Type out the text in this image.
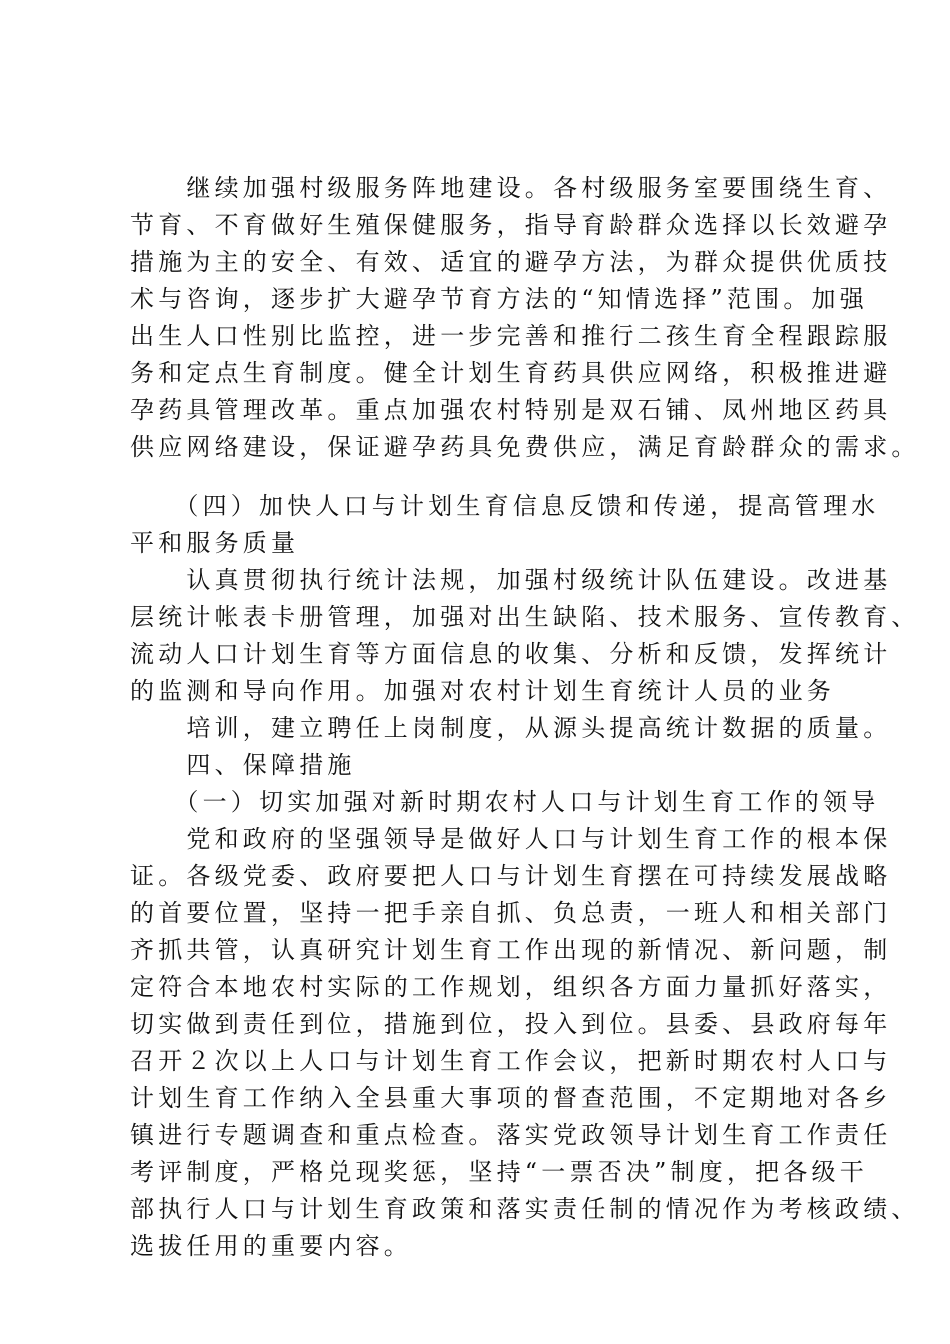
　　继续加强村级服务阵地建设。各村级服务室要围绕生育、
节育、不育做好生殖保健服务，指导育龄群众选择以长效避孕
措施为主的安全、有效、适宜的避孕方法，为群众提供优质技
术与咨询，逐步扩大避孕节育方法的“知情选择”范围。加强
出生人口性别比监控，进一步完善和推行二孩生育全程跟踪服
务和定点生育制度。健全计划生育药具供应网络，积极推进避
孕药具管理改革。重点加强农村特别是双石铺、凤州地区药具
供应网络建设，保证避孕药具免费供应，满足育龄群众的需求。
　　（四）加快人口与计划生育信息反馈和传递，提高管理水
平和服务质量
　　认真贯彻执行统计法规，加强村级统计队伍建设。改进基
层统计帐表卡册管理，加强对出生缺陷、技术服务、宣传教育、
流动人口计划生育等方面信息的收集、分析和反馈，发挥统计
的监测和导向作用。加强对农村计划生育统计人员的业务
　　培训，建立聘任上岗制度，从源头提高统计数据的质量。
　　四、保障措施
　　（一）切实加强对新时期农村人口与计划生育工作的领导
　　党和政府的坚强领导是做好人口与计划生育工作的根本保
证。各级党委、政府要把人口与计划生育摆在可持续发展战略
的首要位置，坚持一把手亲自抓、负总责，一班人和相关部门
齐抓共管，认真研究计划生育工作出现的新情况、新问题，制
定符合本地农村实际的工作规划，组织各方面力量抓好落实，
切实做到责任到位，措施到位，投入到位。县委、县政府每年
召开２次以上人口与计划生育工作会议，把新时期农村人口与
计划生育工作纳入全县重大事项的督查范围，不定期地对各乡
镇进行专题调查和重点检查。落实党政领导计划生育工作责任
考评制度，严格兑现奖惩，坚持“一票否决”制度，把各级干
部执行人口与计划生育政策和落实责任制的情况作为考核政绩、
选拔任用的重要内容。
